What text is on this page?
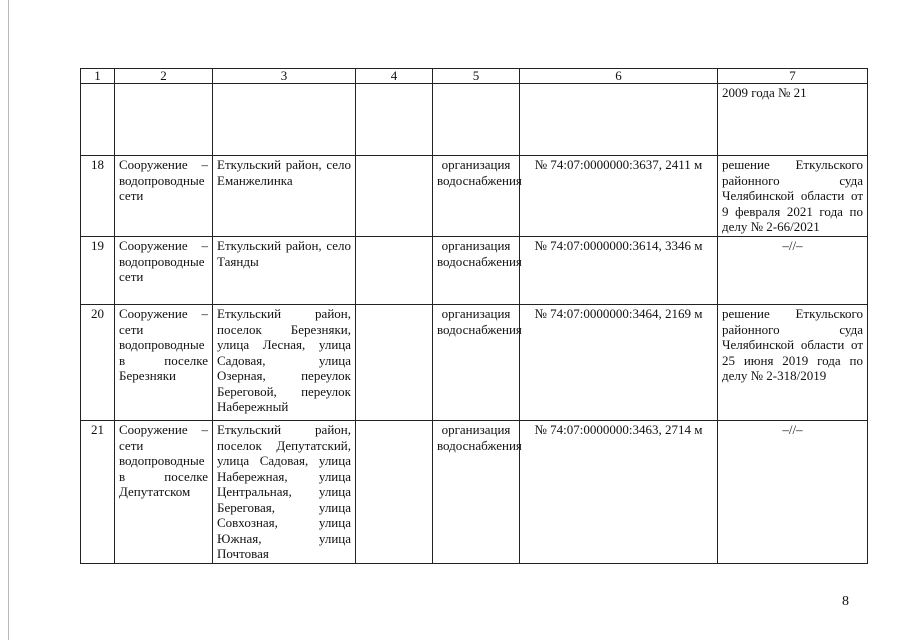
1	2	3	4	5	6	7
						2009 года № 21
18	Сооружение – водопроводные сети	Еткульский район, село Еманжелинка		организация водоснабжения	№ 74:07:0000000:3637, 2411 м	решение Еткульского районного суда Челябинской области от 9 февраля 2021 года по делу № 2-66/2021
19	Сооружение – водопроводные сети	Еткульский район, село Таянды		организация водоснабжения	№ 74:07:0000000:3614, 3346 м	–//–
20	Сооружение – сети водопроводные в поселке Березняки	Еткульский район, поселок Березняки, улица Лесная, улица Садовая, улица Озерная, переулок Береговой, переулок Набережный		организация водоснабжения	№ 74:07:0000000:3464, 2169 м	решение Еткульского районного суда Челябинской области от 25 июня 2019 года по делу № 2-318/2019
21	Сооружение – сети водопроводные в поселке Депутатском	Еткульский район, поселок Депутатский, улица Садовая, улица Набережная, улица Центральная, улица Береговая, улица Совхозная, улица Южная, улица Почтовая		организация водоснабжения	№ 74:07:0000000:3463, 2714 м	–//–
8
